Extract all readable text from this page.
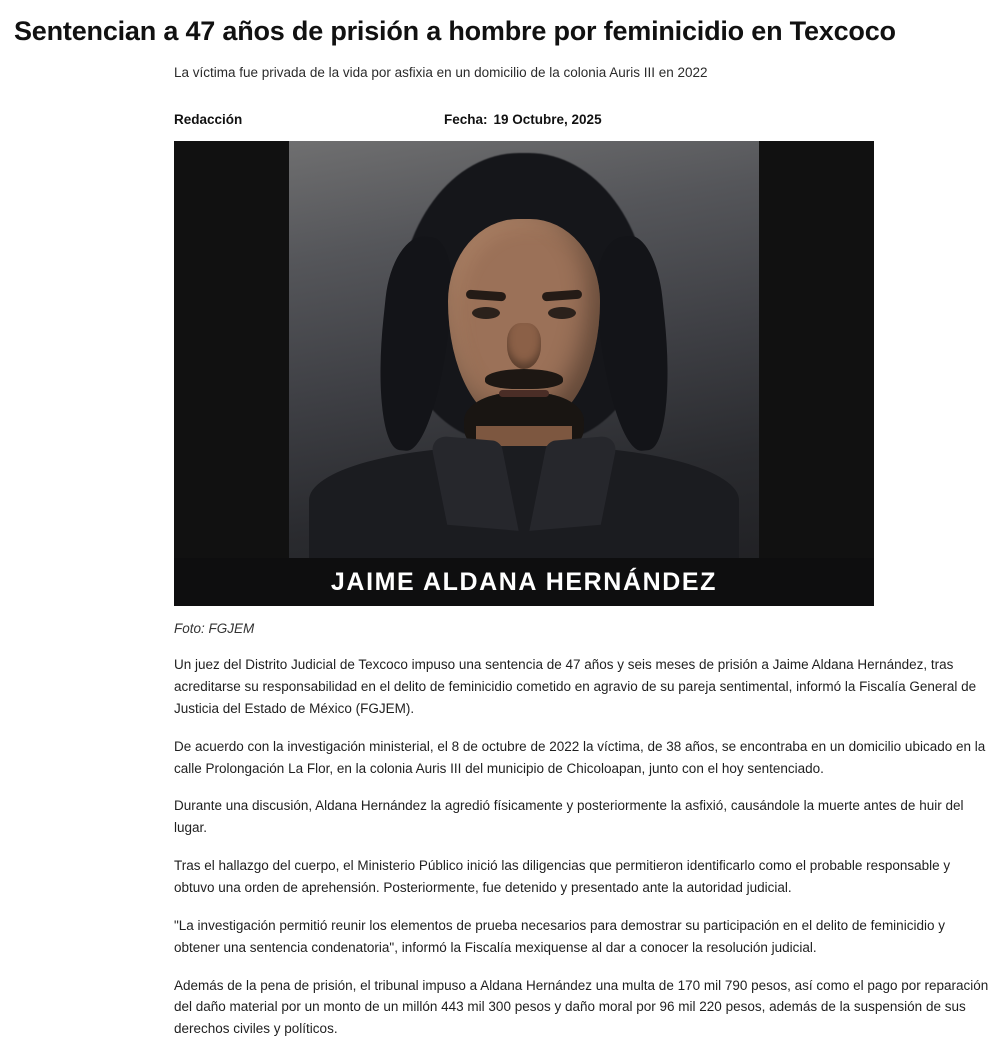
Sentencian a 47 años de prisión a hombre por feminicidio en Texcoco

La víctima fue privada de la vida por asfixia en un domicilio de la colonia Auris III en 2022

Redacción	Fecha: 19 Octubre, 2025
JAIME ALDANA HERNÁNDEZ
Foto: FGJEM

Un juez del Distrito Judicial de Texcoco impuso una sentencia de 47 años y seis meses de prisión a Jaime Aldana Hernández, tras acreditarse su responsabilidad en el delito de feminicidio cometido en agravio de su pareja sentimental, informó la Fiscalía General de Justicia del Estado de México (FGJEM).

De acuerdo con la investigación ministerial, el 8 de octubre de 2022 la víctima, de 38 años, se encontraba en un domicilio ubicado en la calle Prolongación La Flor, en la colonia Auris III del municipio de Chicoloapan, junto con el hoy sentenciado.

Durante una discusión, Aldana Hernández la agredió físicamente y posteriormente la asfixió, causándole la muerte antes de huir del lugar.

Tras el hallazgo del cuerpo, el Ministerio Público inició las diligencias que permitieron identificarlo como el probable responsable y obtuvo una orden de aprehensión. Posteriormente, fue detenido y presentado ante la autoridad judicial.

"La investigación permitió reunir los elementos de prueba necesarios para demostrar su participación en el delito de feminicidio y obtener una sentencia condenatoria", informó la Fiscalía mexiquense al dar a conocer la resolución judicial.

Además de la pena de prisión, el tribunal impuso a Aldana Hernández una multa de 170 mil 790 pesos, así como el pago por reparación del daño material por un monto de un millón 443 mil 300 pesos y daño moral por 96 mil 220 pesos, además de la suspensión de sus derechos civiles y políticos.
